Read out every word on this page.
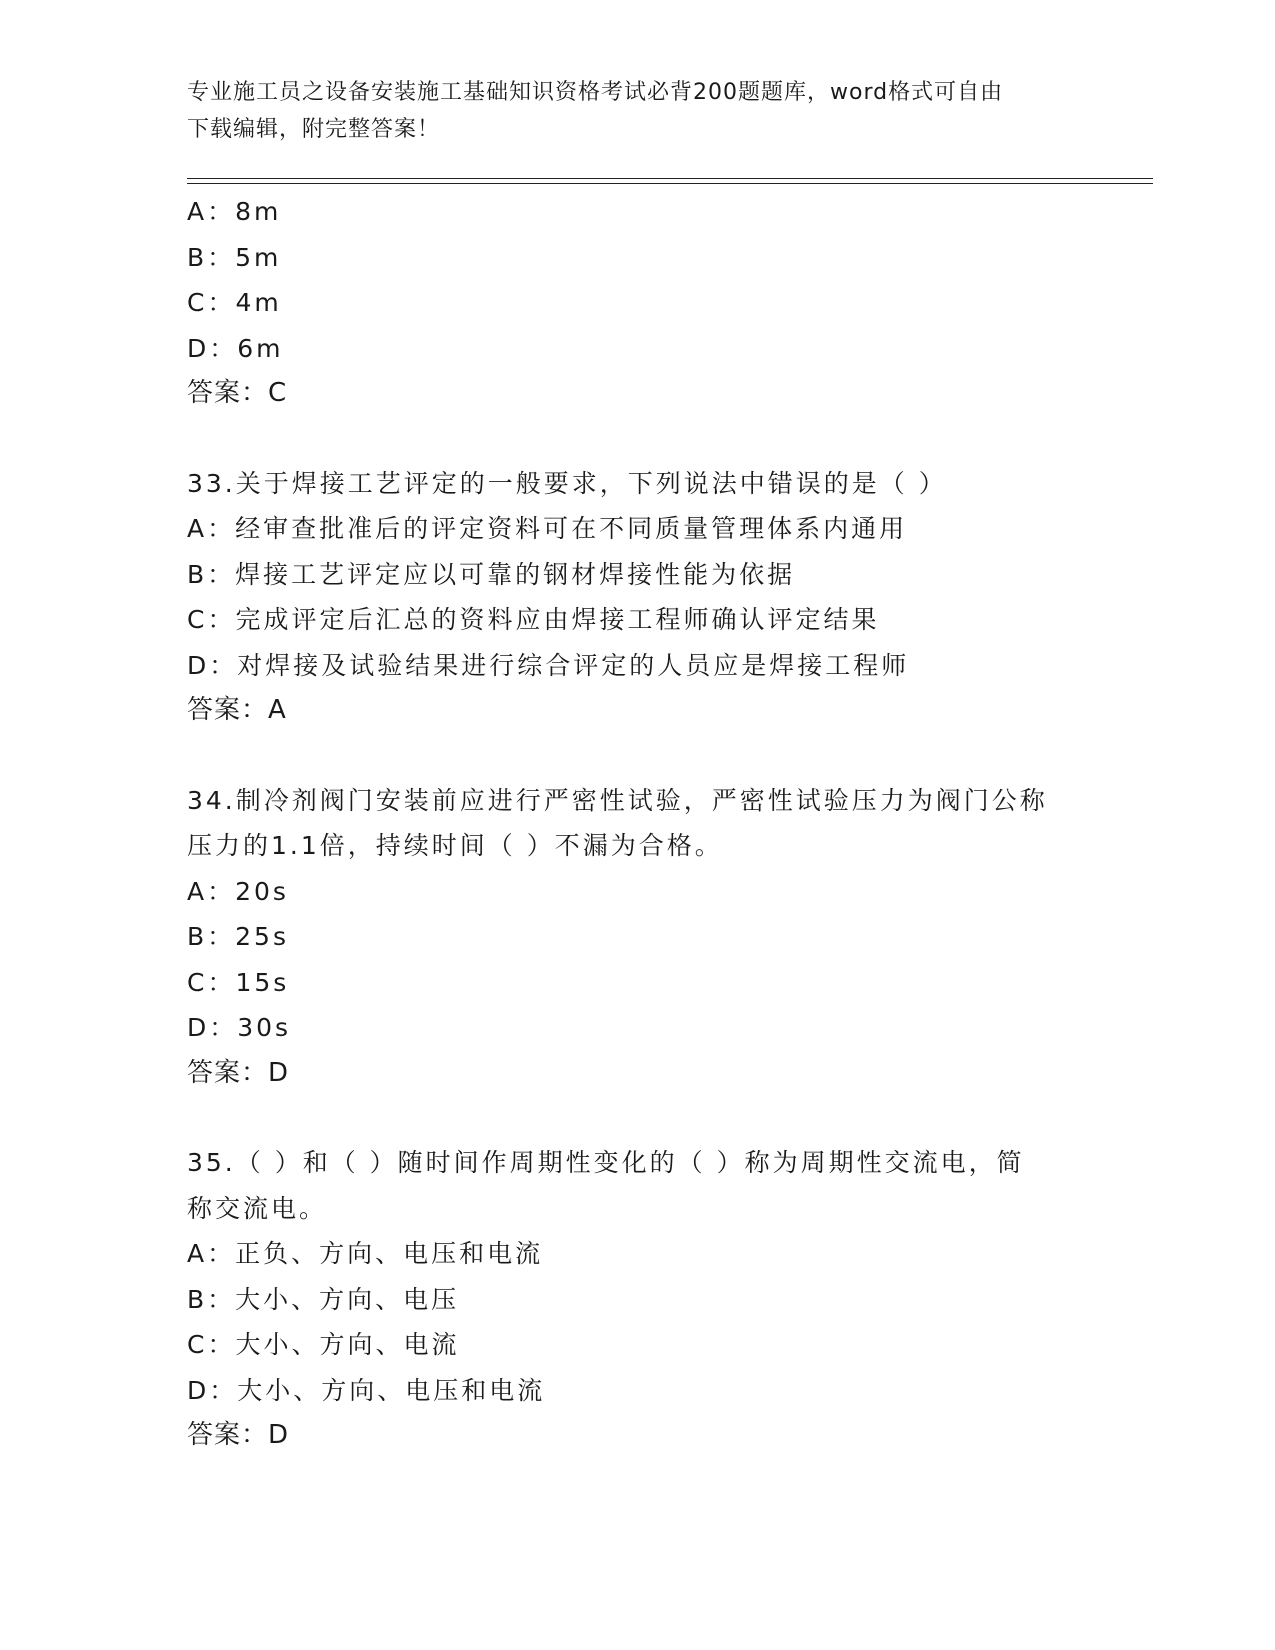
专业施工员之设备安装施工基础知识资格考试必背200题题库，word格式可自由
下载编辑，附完整答案！
A：8m
B：5m
C：4m
D：6m
答案：C
33.关于焊接工艺评定的一般要求，下列说法中错误的是（ ）
A：经审查批准后的评定资料可在不同质量管理体系内通用
B：焊接工艺评定应以可靠的钢材焊接性能为依据
C：完成评定后汇总的资料应由焊接工程师确认评定结果
D：对焊接及试验结果进行综合评定的人员应是焊接工程师
答案：A
34.制冷剂阀门安装前应进行严密性试验，严密性试验压力为阀门公称
压力的1.1倍，持续时间（ ）不漏为合格。
A：20s
B：25s
C：15s
D：30s
答案：D
35.（ ）和（ ）随时间作周期性变化的（ ）称为周期性交流电，简
称交流电。
A：正负、方向、电压和电流
B：大小、方向、电压
C：大小、方向、电流
D：大小、方向、电压和电流
答案：D
